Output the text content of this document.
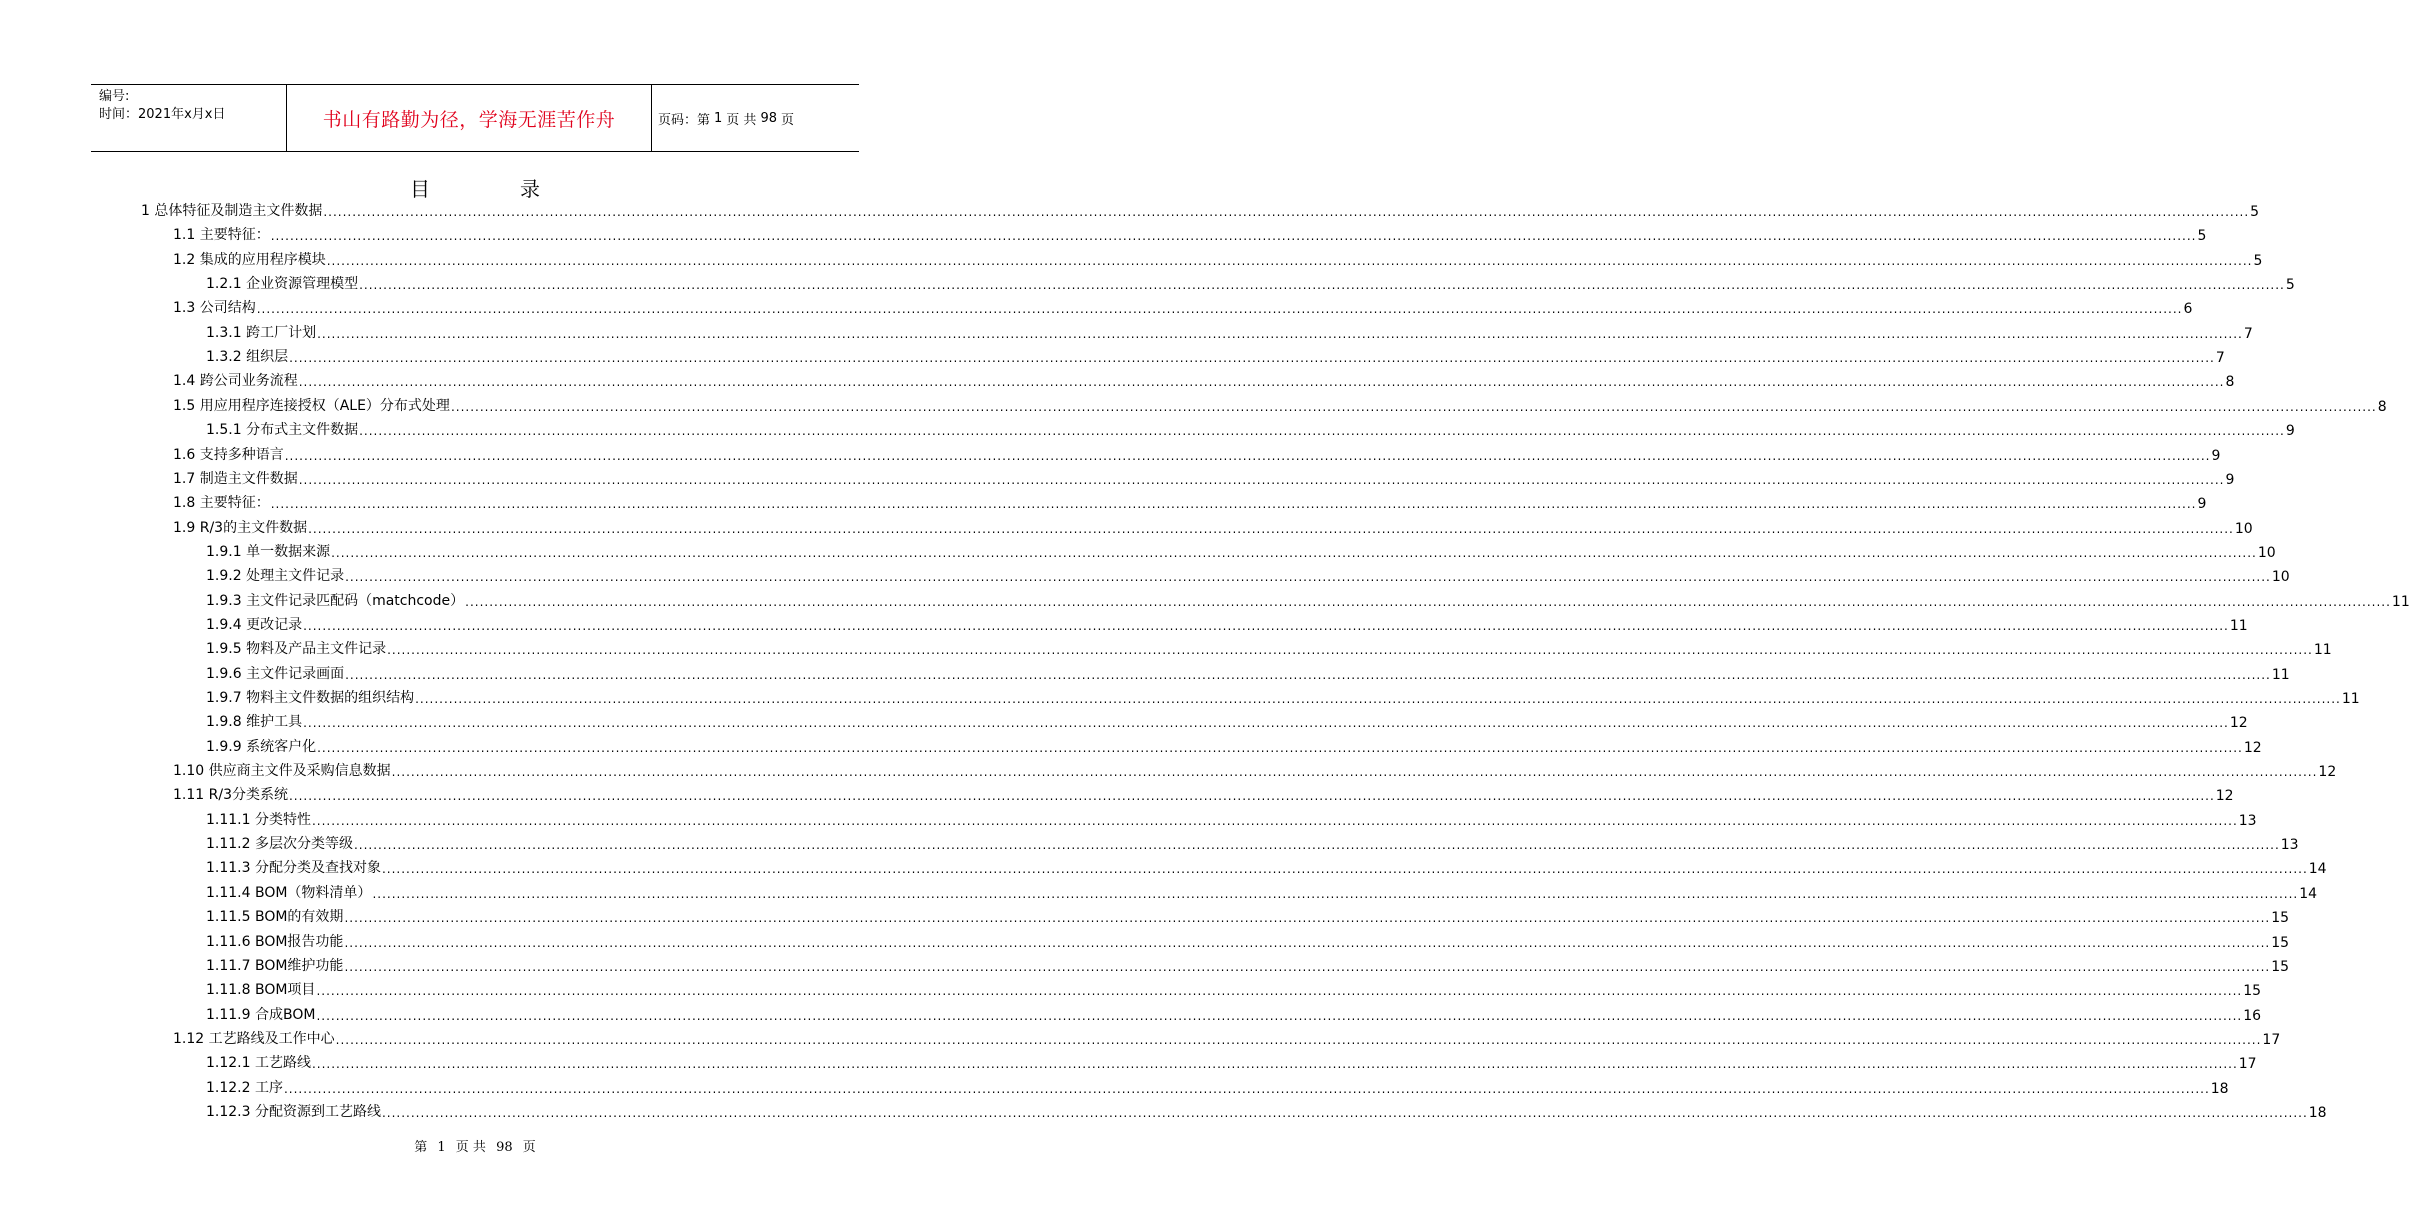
编号:
时间：2021年x月x日	书山有路勤为径，学海无涯苦作舟	页码：第 1 页 共 98 页
目	录
1 总体特征及制造主文件数据 ................................................................................................................................................................................................................................................................................................................................................................................................................ 5
1.1 主要特征： ................................................................................................................................................................................................................................................................................................................................................................................................................ 5
1.2 集成的应用程序模块 ................................................................................................................................................................................................................................................................................................................................................................................................................ 5
1.2.1 企业资源管理模型 ................................................................................................................................................................................................................................................................................................................................................................................................................ 5
1.3 公司结构 ................................................................................................................................................................................................................................................................................................................................................................................................................ 6
1.3.1 跨工厂计划 ................................................................................................................................................................................................................................................................................................................................................................................................................ 7
1.3.2 组织层 ................................................................................................................................................................................................................................................................................................................................................................................................................ 7
1.4 跨公司业务流程 ................................................................................................................................................................................................................................................................................................................................................................................................................ 8
1.5 用应用程序连接授权（ALE）分布式处理 ................................................................................................................................................................................................................................................................................................................................................................................................................ 8
1.5.1 分布式主文件数据 ................................................................................................................................................................................................................................................................................................................................................................................................................ 9
1.6 支持多种语言 ................................................................................................................................................................................................................................................................................................................................................................................................................ 9
1.7 制造主文件数据 ................................................................................................................................................................................................................................................................................................................................................................................................................ 9
1.8 主要特征： ................................................................................................................................................................................................................................................................................................................................................................................................................ 9
1.9 R/3的主文件数据 ................................................................................................................................................................................................................................................................................................................................................................................................................ 10
1.9.1 单一数据来源 ................................................................................................................................................................................................................................................................................................................................................................................................................ 10
1.9.2 处理主文件记录 ................................................................................................................................................................................................................................................................................................................................................................................................................ 10
1.9.3 主文件记录匹配码（matchcode） ................................................................................................................................................................................................................................................................................................................................................................................................................ 11
1.9.4 更改记录 ................................................................................................................................................................................................................................................................................................................................................................................................................ 11
1.9.5 物料及产品主文件记录 ................................................................................................................................................................................................................................................................................................................................................................................................................ 11
1.9.6 主文件记录画面 ................................................................................................................................................................................................................................................................................................................................................................................................................ 11
1.9.7 物料主文件数据的组织结构 ................................................................................................................................................................................................................................................................................................................................................................................................................ 11
1.9.8 维护工具 ................................................................................................................................................................................................................................................................................................................................................................................................................ 12
1.9.9 系统客户化 ................................................................................................................................................................................................................................................................................................................................................................................................................ 12
1.10 供应商主文件及采购信息数据 ................................................................................................................................................................................................................................................................................................................................................................................................................ 12
1.11 R/3分类系统 ................................................................................................................................................................................................................................................................................................................................................................................................................ 12
1.11.1 分类特性 ................................................................................................................................................................................................................................................................................................................................................................................................................ 13
1.11.2 多层次分类等级 ................................................................................................................................................................................................................................................................................................................................................................................................................ 13
1.11.3 分配分类及查找对象 ................................................................................................................................................................................................................................................................................................................................................................................................................ 14
1.11.4 BOM（物料清单） ................................................................................................................................................................................................................................................................................................................................................................................................................ 14
1.11.5 BOM的有效期 ................................................................................................................................................................................................................................................................................................................................................................................................................ 15
1.11.6 BOM报告功能 ................................................................................................................................................................................................................................................................................................................................................................................................................ 15
1.11.7 BOM维护功能 ................................................................................................................................................................................................................................................................................................................................................................................................................ 15
1.11.8 BOM项目 ................................................................................................................................................................................................................................................................................................................................................................................................................ 15
1.11.9 合成BOM ................................................................................................................................................................................................................................................................................................................................................................................................................ 16
1.12 工艺路线及工作中心 ................................................................................................................................................................................................................................................................................................................................................................................................................ 17
1.12.1 工艺路线 ................................................................................................................................................................................................................................................................................................................................................................................................................ 17
1.12.2 工序 ................................................................................................................................................................................................................................................................................................................................................................................................................ 18
1.12.3 分配资源到工艺路线 ................................................................................................................................................................................................................................................................................................................................................................................................................ 18
第 1 页 共 98 页
